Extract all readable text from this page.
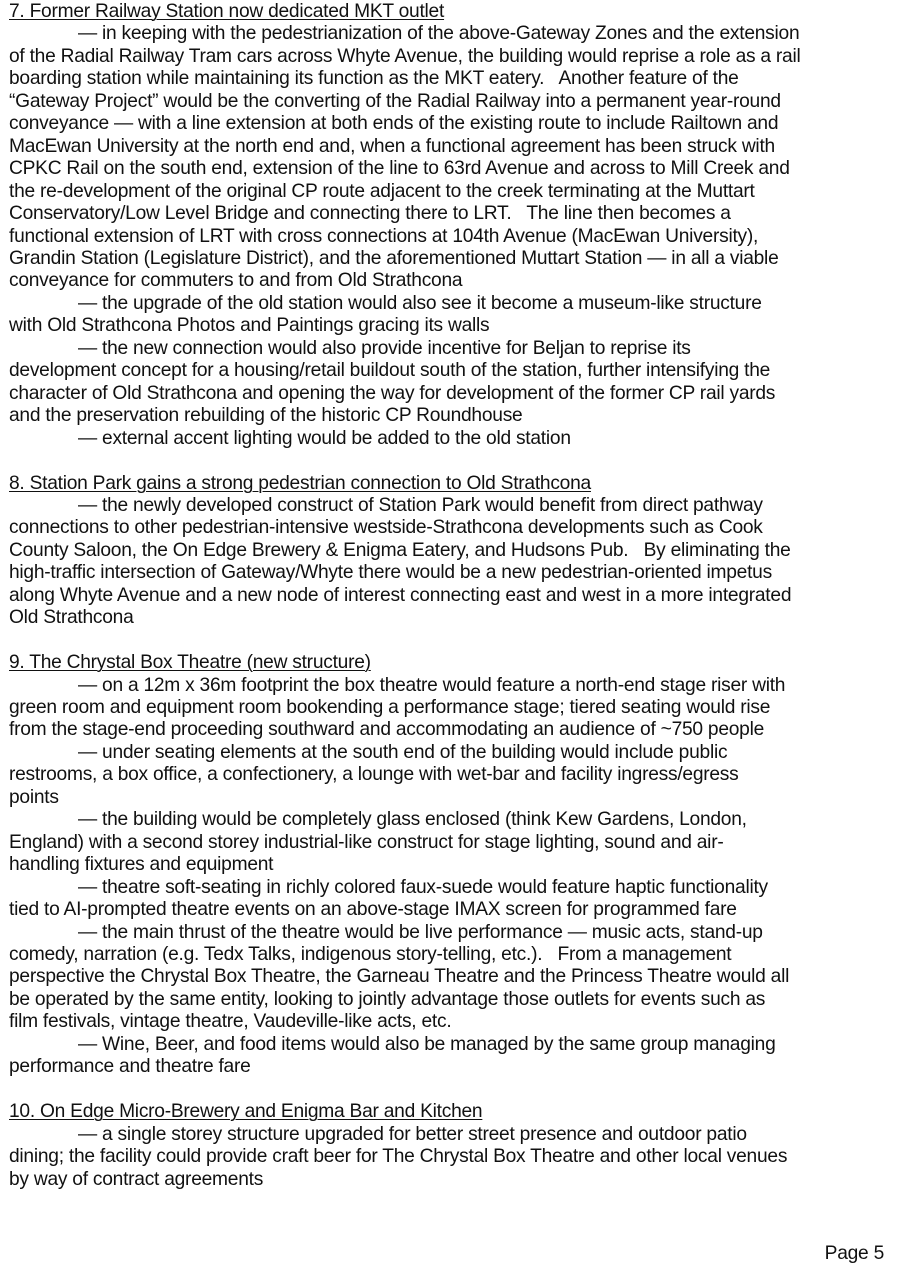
7. Former Railway Station now dedicated MKT outlet
— in keeping with the pedestrianization of the above-Gateway Zones and the extension
of the Radial Railway Tram cars across Whyte Avenue, the building would reprise a role as a rail
boarding station while maintaining its function as the MKT eatery.   Another feature of the
“Gateway Project” would be the converting of the Radial Railway into a permanent year-round
conveyance — with a line extension at both ends of the existing route to include Railtown and
MacEwan University at the north end and, when a functional agreement has been struck with
CPKC Rail on the south end, extension of the line to 63rd Avenue and across to Mill Creek and
the re-development of the original CP route adjacent to the creek terminating at the Muttart
Conservatory/Low Level Bridge and connecting there to LRT.   The line then becomes a
functional extension of LRT with cross connections at 104th Avenue (MacEwan University),
Grandin Station (Legislature District), and the aforementioned Muttart Station — in all a viable
conveyance for commuters to and from Old Strathcona
— the upgrade of the old station would also see it become a museum-like structure
with Old Strathcona Photos and Paintings gracing its walls
— the new connection would also provide incentive for Beljan to reprise its
development concept for a housing/retail buildout south of the station, further intensifying the
character of Old Strathcona and opening the way for development of the former CP rail yards
and the preservation rebuilding of the historic CP Roundhouse
— external accent lighting would be added to the old station
8. Station Park gains a strong pedestrian connection to Old Strathcona
— the newly developed construct of Station Park would benefit from direct pathway
connections to other pedestrian-intensive westside-Strathcona developments such as Cook
County Saloon, the On Edge Brewery & Enigma Eatery, and Hudsons Pub.   By eliminating the
high-traffic intersection of Gateway/Whyte there would be a new pedestrian-oriented impetus
along Whyte Avenue and a new node of interest connecting east and west in a more integrated
Old Strathcona
9. The Chrystal Box Theatre (new structure)
— on a 12m x 36m footprint the box theatre would feature a north-end stage riser with
green room and equipment room bookending a performance stage; tiered seating would rise
from the stage-end proceeding southward and accommodating an audience of ~750 people
— under seating elements at the south end of the building would include public
restrooms, a box office, a confectionery, a lounge with wet-bar and facility ingress/egress
points
— the building would be completely glass enclosed (think Kew Gardens, London,
England) with a second storey industrial-like construct for stage lighting, sound and air-
handling fixtures and equipment
— theatre soft-seating in richly colored faux-suede would feature haptic functionality
tied to AI-prompted theatre events on an above-stage IMAX screen for programmed fare
— the main thrust of the theatre would be live performance — music acts, stand-up
comedy, narration (e.g. Tedx Talks, indigenous story-telling, etc.).   From a management
perspective the Chrystal Box Theatre, the Garneau Theatre and the Princess Theatre would all
be operated by the same entity, looking to jointly advantage those outlets for events such as
film festivals, vintage theatre, Vaudeville-like acts, etc.
— Wine, Beer, and food items would also be managed by the same group managing
performance and theatre fare
10. On Edge Micro-Brewery and Enigma Bar and Kitchen
— a single storey structure upgraded for better street presence and outdoor patio
dining; the facility could provide craft beer for The Chrystal Box Theatre and other local venues
by way of contract agreements
Page 5
